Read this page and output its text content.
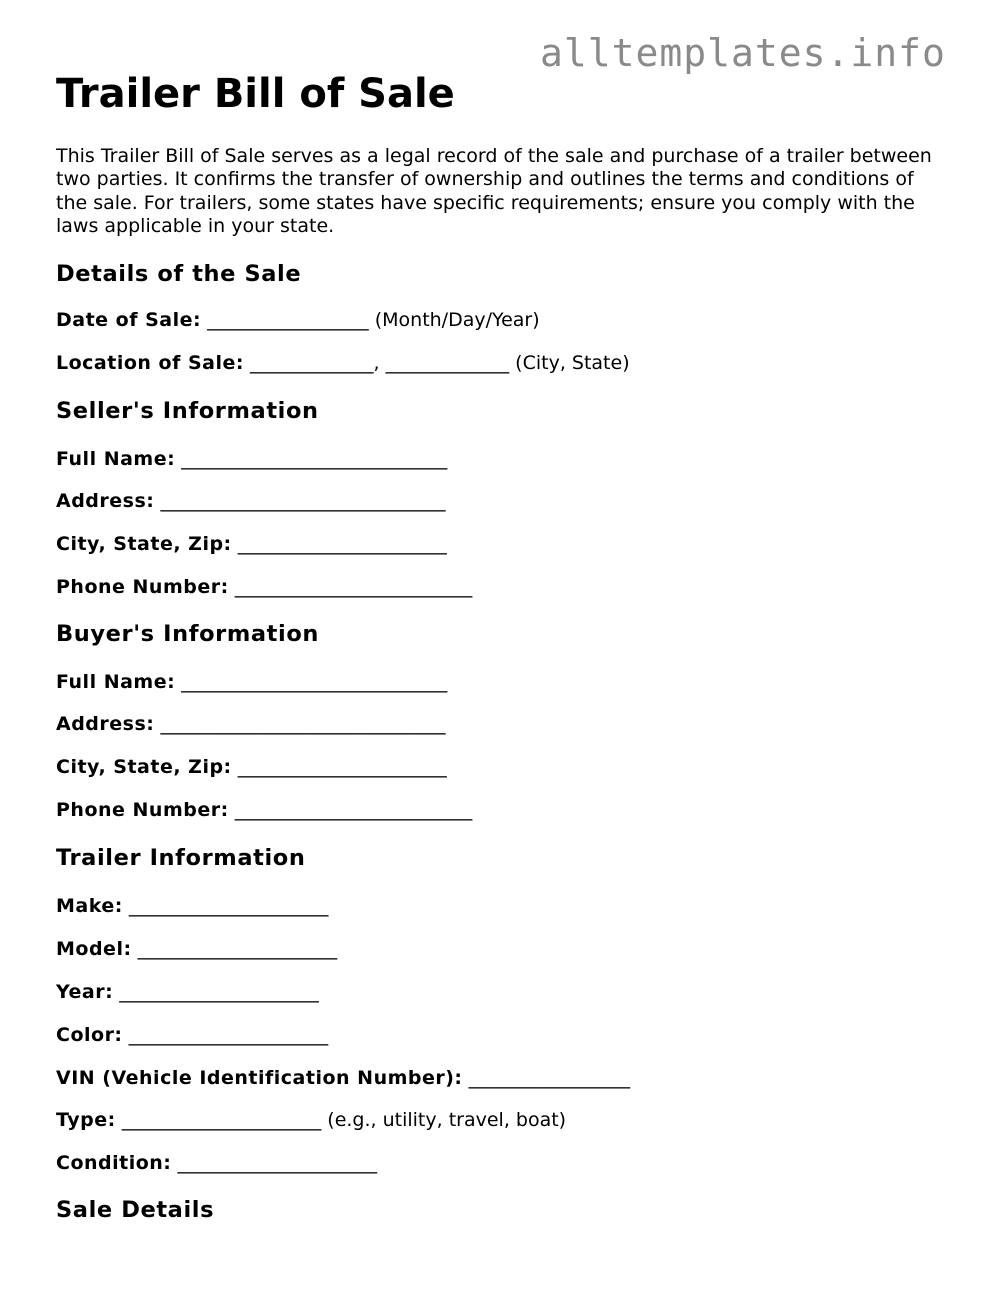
alltemplates.info
Trailer Bill of Sale

This Trailer Bill of Sale serves as a legal record of the sale and purchase of a trailer between two parties. It confirms the transfer of ownership and outlines the terms and conditions of the sale. For trailers, some states have specific requirements; ensure you comply with the laws applicable in your state.

Details of the Sale
Date of Sale: _________________ (Month/Day/Year)
Location of Sale: _____________, _____________ (City, State)
Seller's Information
Full Name: ____________________________
Address: ______________________________
City, State, Zip: ______________________
Phone Number: _________________________
Buyer's Information
Full Name: ____________________________
Address: ______________________________
City, State, Zip: ______________________
Phone Number: _________________________
Trailer Information
Make: _____________________
Model: _____________________
Year: _____________________
Color: _____________________
VIN (Vehicle Identification Number): _________________
Type: _____________________ (e.g., utility, travel, boat)
Condition: _____________________
Sale Details
